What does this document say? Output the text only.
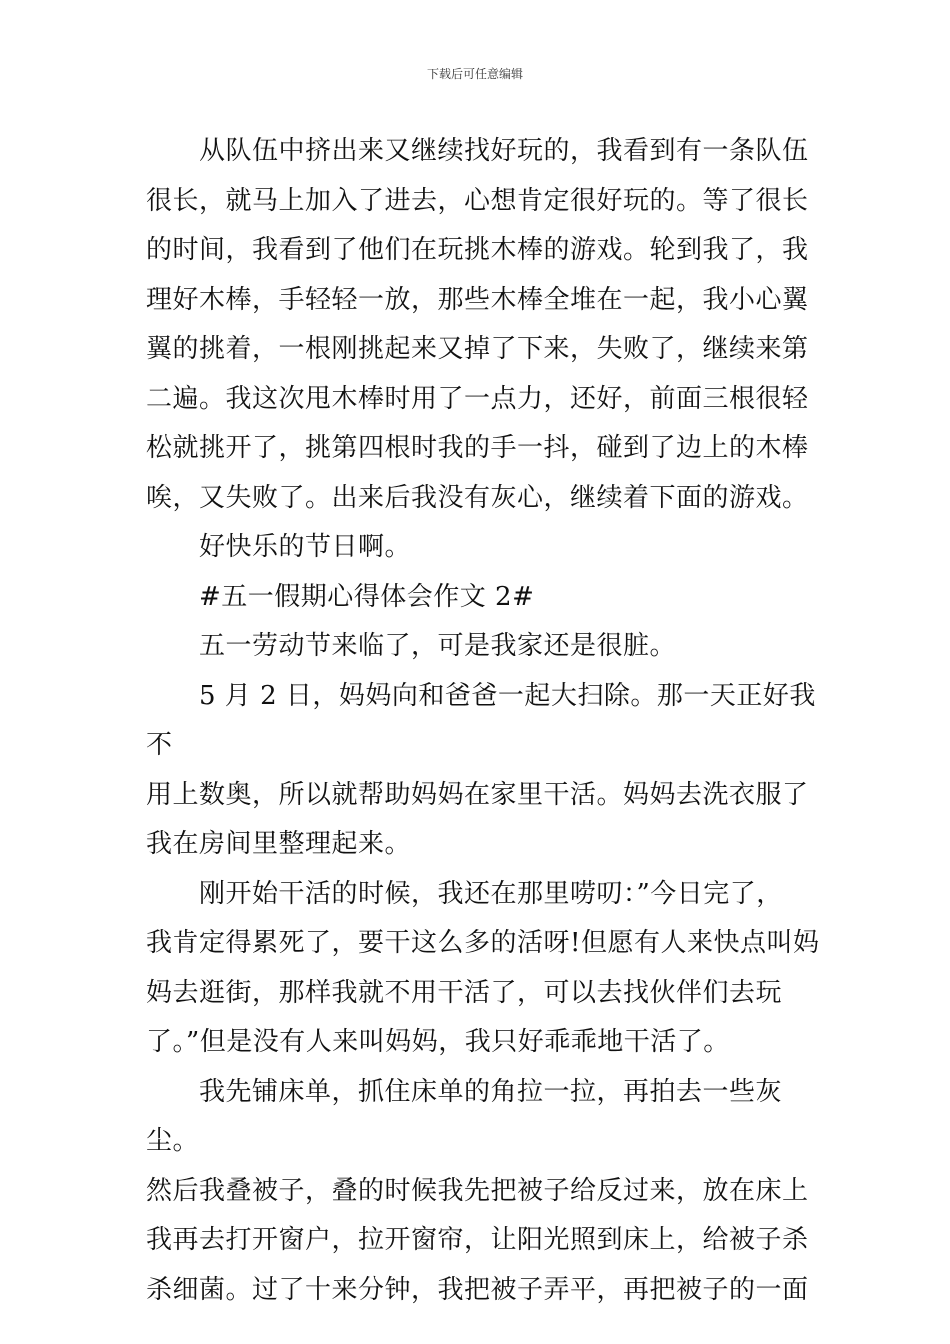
下载后可任意编辑

　　从队伍中挤出来又继续找好玩的，我看到有一条队伍
很长，就马上加入了进去，心想肯定很好玩的。等了很长
的时间，我看到了他们在玩挑木棒的游戏。轮到我了，我
理好木棒，手轻轻一放，那些木棒全堆在一起，我小心翼
翼的挑着，一根刚挑起来又掉了下来，失败了，继续来第
二遍。我这次甩木棒时用了一点力，还好，前面三根很轻
松就挑开了，挑第四根时我的手一抖，碰到了边上的木棒
唉，又失败了。出来后我没有灰心，继续着下面的游戏。

　　好快乐的节日啊。

　　#五一假期心得体会作文 2#

　　五一劳动节来临了，可是我家还是很脏。

　　5 月 2 日，妈妈向和爸爸一起大扫除。那一天正好我不
用上数奥，所以就帮助妈妈在家里干活。妈妈去洗衣服了
我在房间里整理起来。

　　刚开始干活的时候，我还在那里唠叨：”今日完了，
我肯定得累死了，要干这么多的活呀!但愿有人来快点叫妈
妈去逛街，那样我就不用干活了，可以去找伙伴们去玩
了。”但是没有人来叫妈妈，我只好乖乖地干活了。

　　我先铺床单，抓住床单的角拉一拉，再拍去一些灰尘。
然后我叠被子，叠的时候我先把被子给反过来，放在床上
我再去打开窗户，拉开窗帘，让阳光照到床上，给被子杀
杀细菌。过了十来分钟，我把被子弄平，再把被子的一面
